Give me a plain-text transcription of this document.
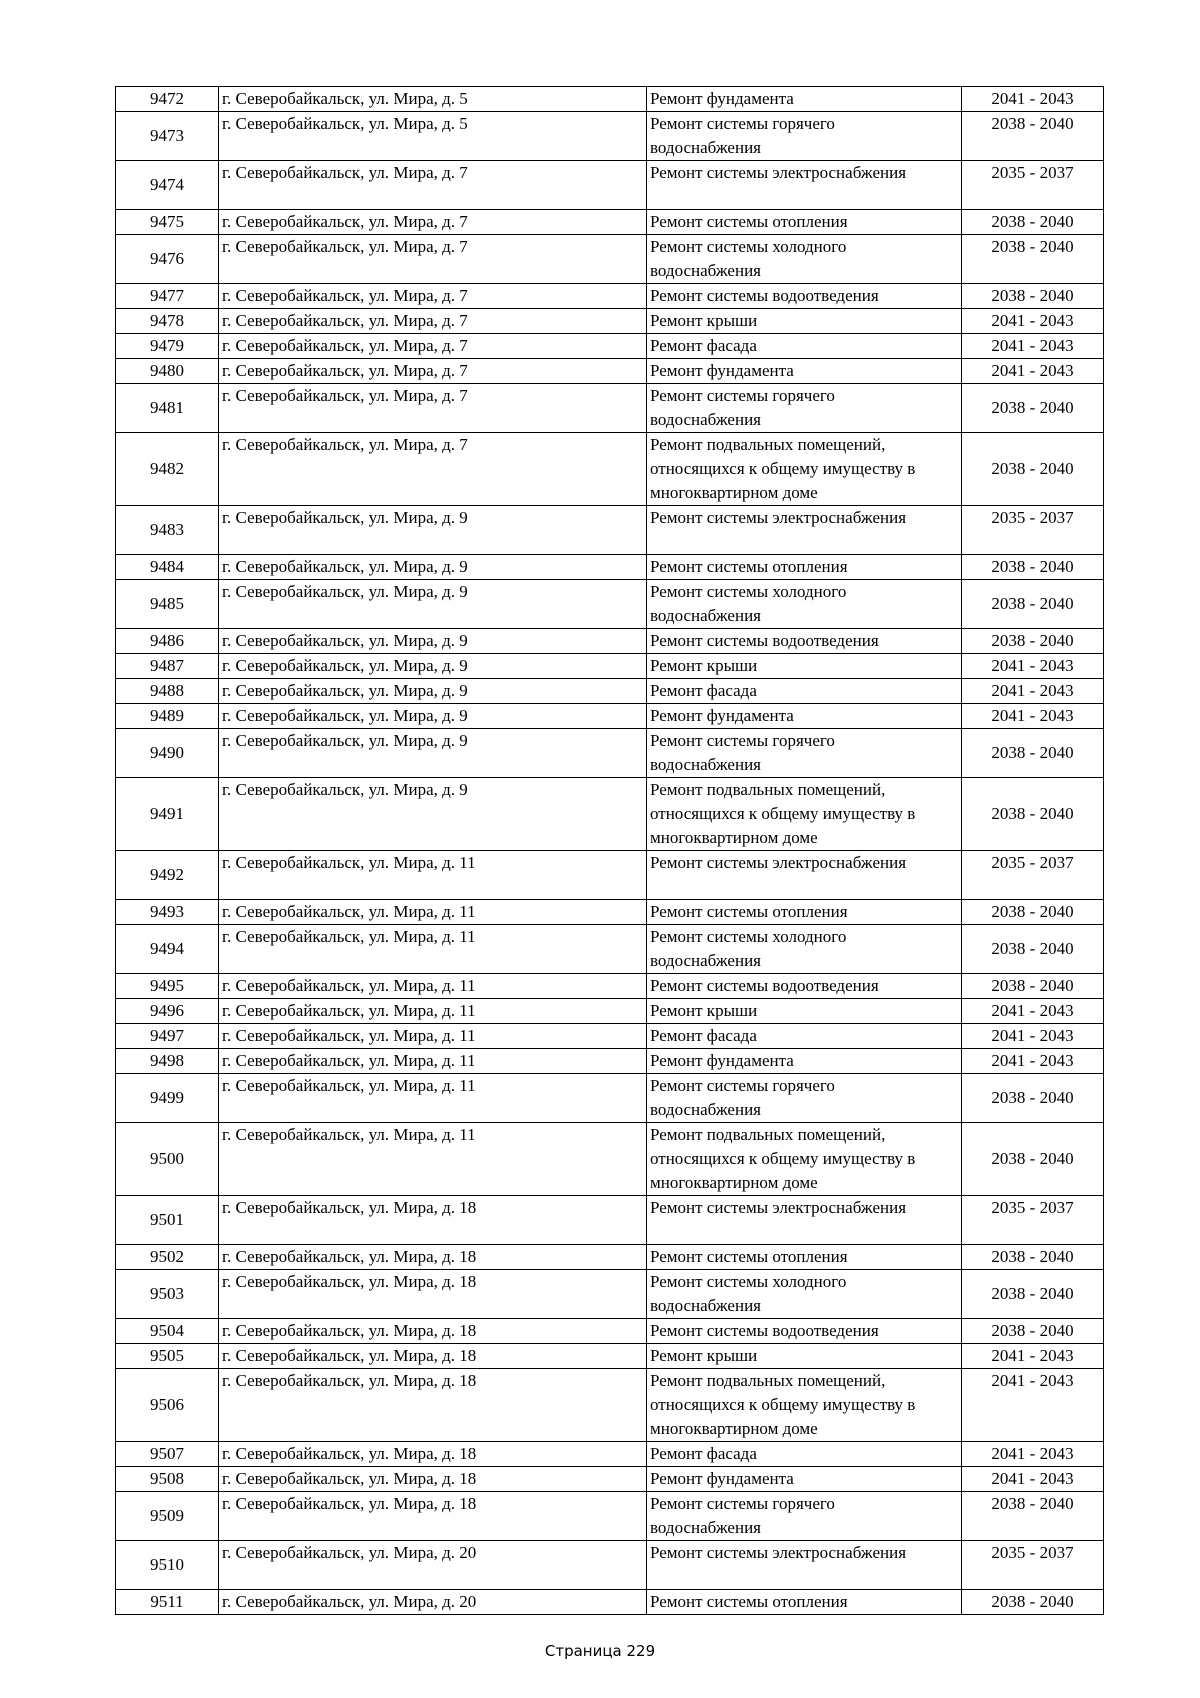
9472	г. Северобайкальск, ул. Мира, д. 5	Ремонт фундамента	2041 - 2043
9473	г. Северобайкальск, ул. Мира, д. 5	Ремонт системы горячего
водоснабжения	2038 - 2040
9474	г. Северобайкальск, ул. Мира, д. 7	Ремонт системы электроснабжения	2035 - 2037
9475	г. Северобайкальск, ул. Мира, д. 7	Ремонт системы отопления	2038 - 2040
9476	г. Северобайкальск, ул. Мира, д. 7	Ремонт системы холодного
водоснабжения	2038 - 2040
9477	г. Северобайкальск, ул. Мира, д. 7	Ремонт системы водоотведения	2038 - 2040
9478	г. Северобайкальск, ул. Мира, д. 7	Ремонт крыши	2041 - 2043
9479	г. Северобайкальск, ул. Мира, д. 7	Ремонт фасада	2041 - 2043
9480	г. Северобайкальск, ул. Мира, д. 7	Ремонт фундамента	2041 - 2043
9481	г. Северобайкальск, ул. Мира, д. 7	Ремонт системы горячего
водоснабжения	2038 - 2040
9482	г. Северобайкальск, ул. Мира, д. 7	Ремонт подвальных помещений,
относящихся к общему имуществу в
многоквартирном доме	2038 - 2040
9483	г. Северобайкальск, ул. Мира, д. 9	Ремонт системы электроснабжения	2035 - 2037
9484	г. Северобайкальск, ул. Мира, д. 9	Ремонт системы отопления	2038 - 2040
9485	г. Северобайкальск, ул. Мира, д. 9	Ремонт системы холодного
водоснабжения	2038 - 2040
9486	г. Северобайкальск, ул. Мира, д. 9	Ремонт системы водоотведения	2038 - 2040
9487	г. Северобайкальск, ул. Мира, д. 9	Ремонт крыши	2041 - 2043
9488	г. Северобайкальск, ул. Мира, д. 9	Ремонт фасада	2041 - 2043
9489	г. Северобайкальск, ул. Мира, д. 9	Ремонт фундамента	2041 - 2043
9490	г. Северобайкальск, ул. Мира, д. 9	Ремонт системы горячего
водоснабжения	2038 - 2040
9491	г. Северобайкальск, ул. Мира, д. 9	Ремонт подвальных помещений,
относящихся к общему имуществу в
многоквартирном доме	2038 - 2040
9492	г. Северобайкальск, ул. Мира, д. 11	Ремонт системы электроснабжения	2035 - 2037
9493	г. Северобайкальск, ул. Мира, д. 11	Ремонт системы отопления	2038 - 2040
9494	г. Северобайкальск, ул. Мира, д. 11	Ремонт системы холодного
водоснабжения	2038 - 2040
9495	г. Северобайкальск, ул. Мира, д. 11	Ремонт системы водоотведения	2038 - 2040
9496	г. Северобайкальск, ул. Мира, д. 11	Ремонт крыши	2041 - 2043
9497	г. Северобайкальск, ул. Мира, д. 11	Ремонт фасада	2041 - 2043
9498	г. Северобайкальск, ул. Мира, д. 11	Ремонт фундамента	2041 - 2043
9499	г. Северобайкальск, ул. Мира, д. 11	Ремонт системы горячего
водоснабжения	2038 - 2040
9500	г. Северобайкальск, ул. Мира, д. 11	Ремонт подвальных помещений,
относящихся к общему имуществу в
многоквартирном доме	2038 - 2040
9501	г. Северобайкальск, ул. Мира, д. 18	Ремонт системы электроснабжения	2035 - 2037
9502	г. Северобайкальск, ул. Мира, д. 18	Ремонт системы отопления	2038 - 2040
9503	г. Северобайкальск, ул. Мира, д. 18	Ремонт системы холодного
водоснабжения	2038 - 2040
9504	г. Северобайкальск, ул. Мира, д. 18	Ремонт системы водоотведения	2038 - 2040
9505	г. Северобайкальск, ул. Мира, д. 18	Ремонт крыши	2041 - 2043
9506	г. Северобайкальск, ул. Мира, д. 18	Ремонт подвальных помещений,
относящихся к общему имуществу в
многоквартирном доме	2041 - 2043
9507	г. Северобайкальск, ул. Мира, д. 18	Ремонт фасада	2041 - 2043
9508	г. Северобайкальск, ул. Мира, д. 18	Ремонт фундамента	2041 - 2043
9509	г. Северобайкальск, ул. Мира, д. 18	Ремонт системы горячего
водоснабжения	2038 - 2040
9510	г. Северобайкальск, ул. Мира, д. 20	Ремонт системы электроснабжения	2035 - 2037
9511	г. Северобайкальск, ул. Мира, д. 20	Ремонт системы отопления	2038 - 2040
Страница 229
